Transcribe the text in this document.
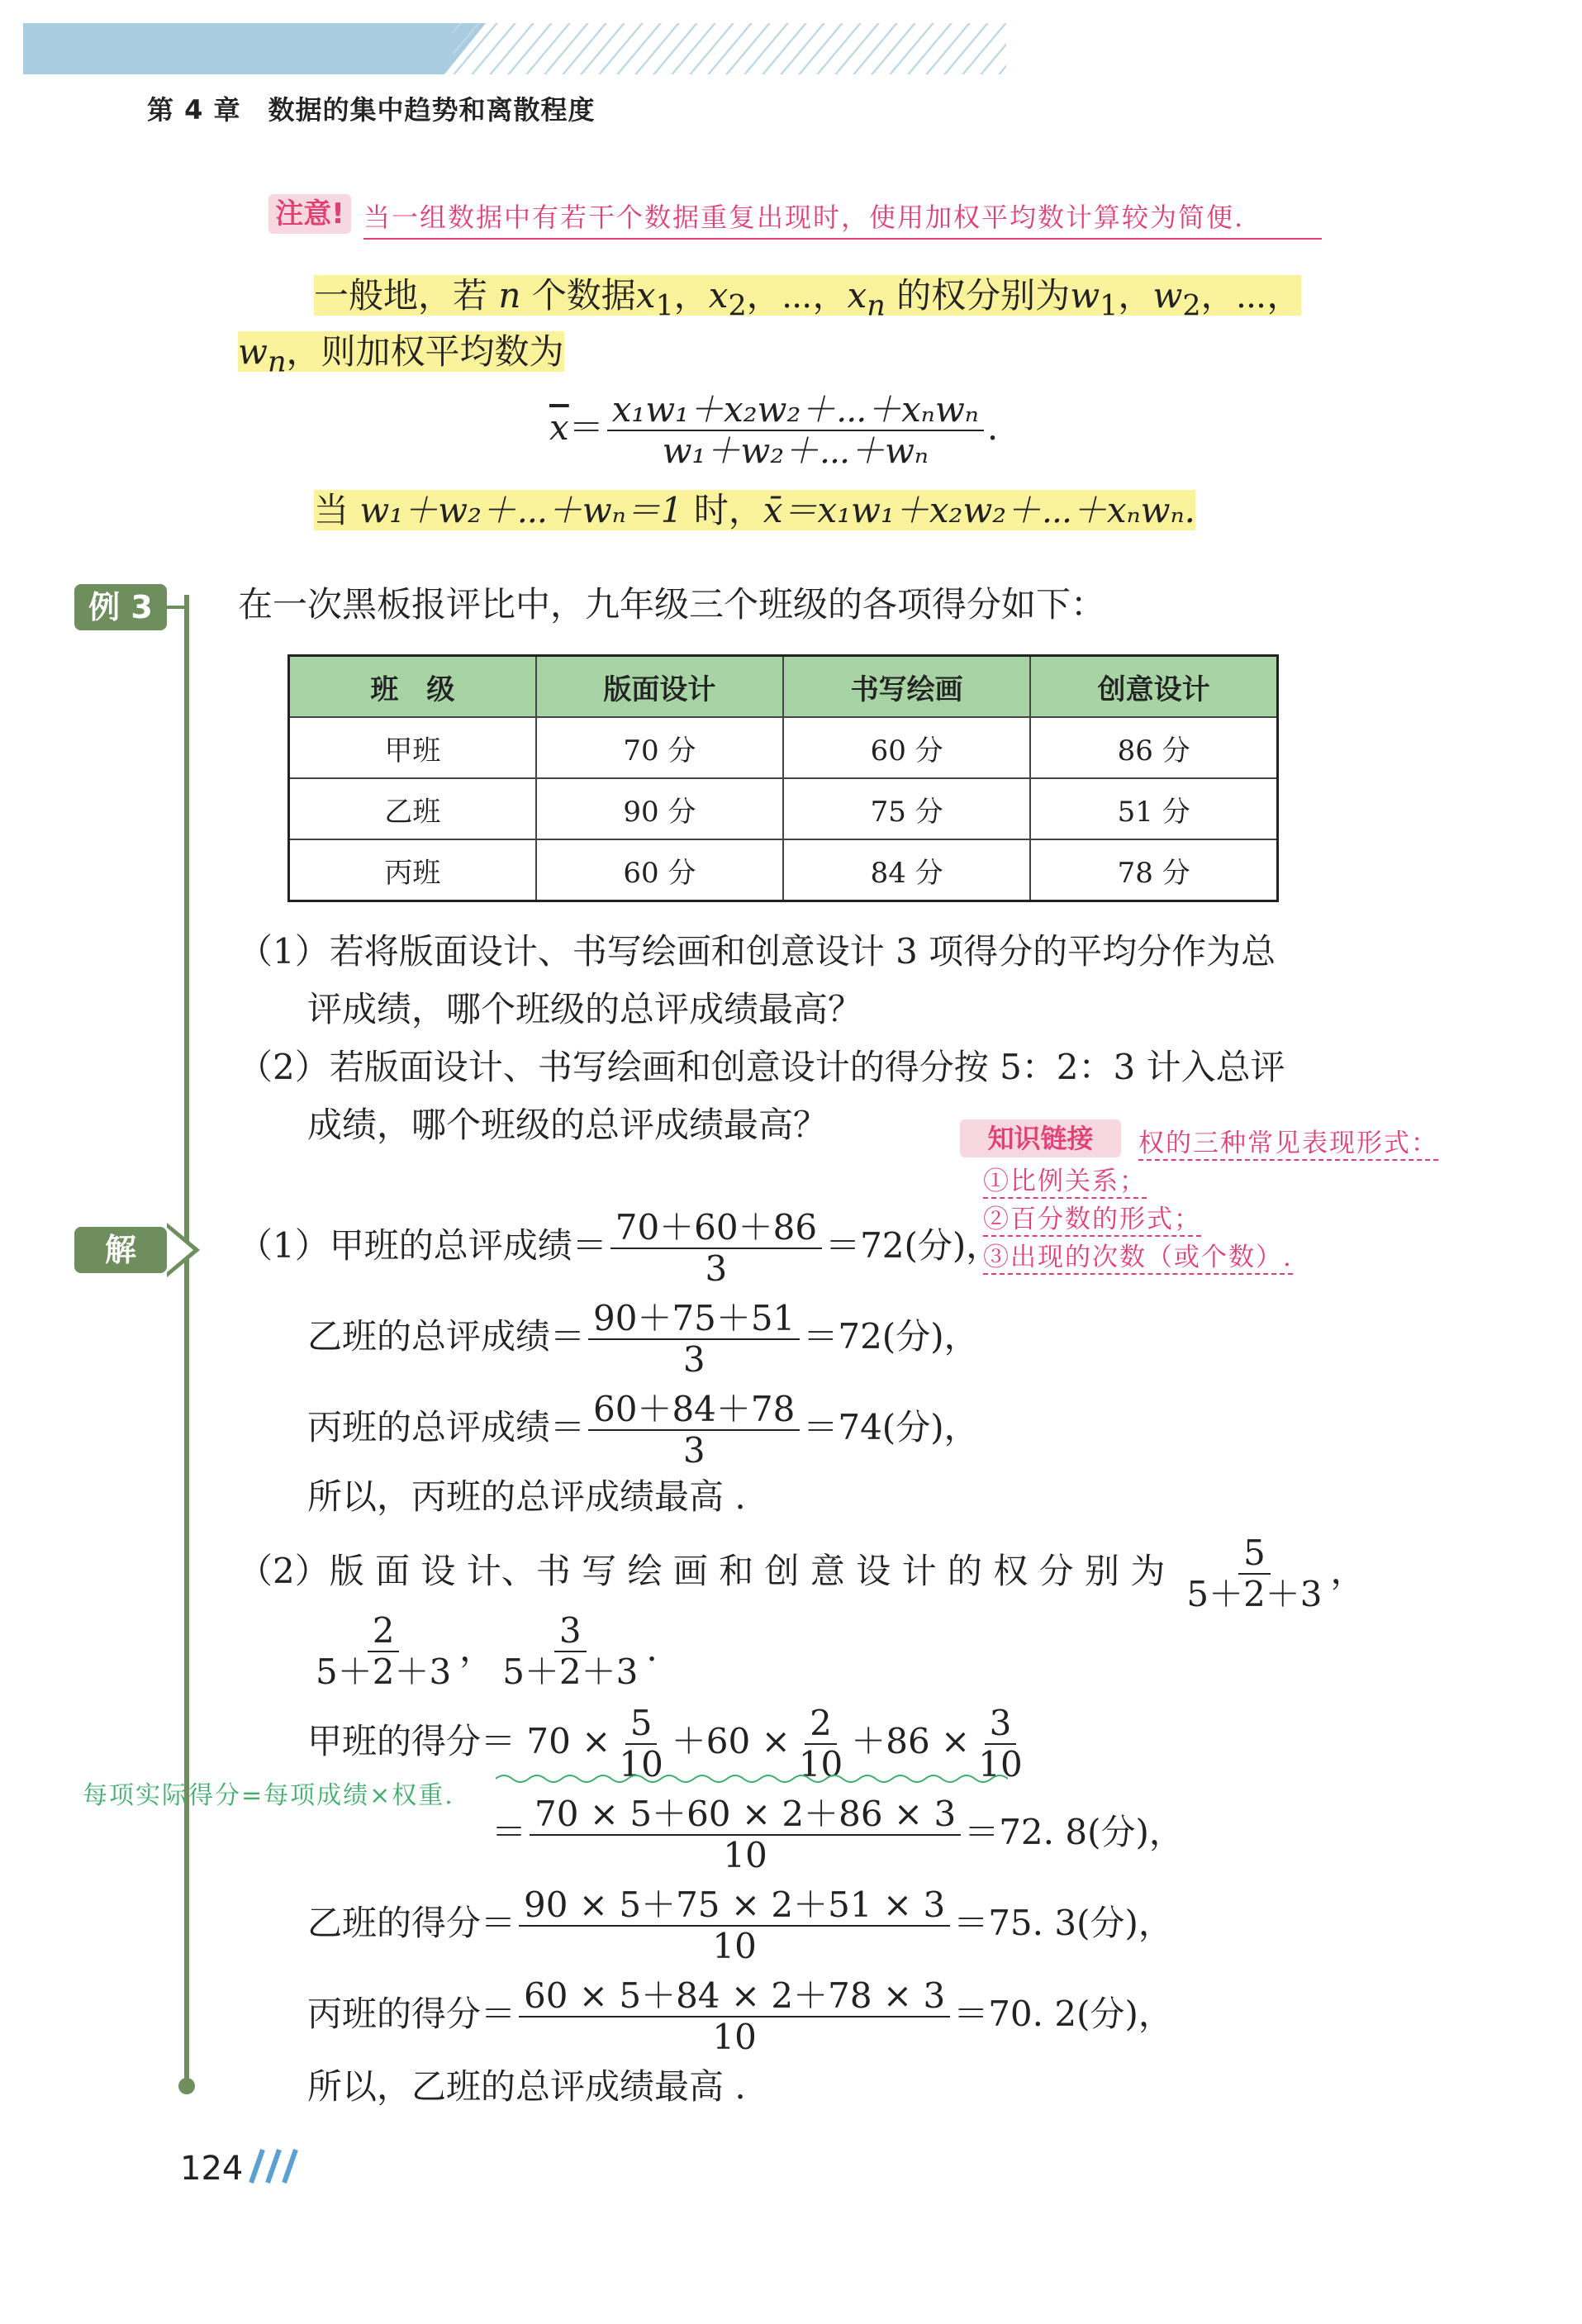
第 4 章　数据的集中趋势和离散程度
注意! 当一组数据中有若干个数据重复出现时，使用加权平均数计算较为简便.
一般地，若 n 个数据$x_1$，$x_2$，⋯，$x_n$ 的权分别为$w_1$，$w_2$，⋯，
$w_n$，则加权平均数为
$\overline{x}= \frac{\text{x₁w₁＋x₂w₂＋⋯＋xₙwₙ}}{\text{w₁＋w₂＋⋯＋wₙ}}$ .
当 w₁＋w₂＋⋯＋wₙ＝1 时，x̄＝x₁w₁＋x₂w₂＋⋯＋xₙwₙ.
例 3	在一次黑板报评比中，九年级三个班级的各项得分如下：
班　级	版面设计	书写绘画	创意设计
甲班	70 分	60 分	86 分
乙班	90 分	75 分	51 分
丙班	60 分	84 分	78 分
（1）若将版面设计、书写绘画和创意设计 3 项得分的平均分作为总
评成绩，哪个班级的总评成绩最高？
（2）若版面设计、书写绘画和创意设计的得分按 5：2：3 计入总评
成绩，哪个班级的总评成绩最高？	知识链接	权的三种常见表现形式：
①比例关系；
②百分数的形式；
③出现的次数（或个数）.
解	（1）甲班的总评成绩＝ $\frac{70+60+86}{3} =72$(分)，
乙班的总评成绩＝ $\frac{90+75+51}{3} =72$(分)，
丙班的总评成绩＝ $\frac{60+84+78}{3} =74$(分)，
所以，丙班的总评成绩最高 .
（2）版 面 设 计、书 写 绘 画 和 创 意 设 计 的 权 分 别 为 $\frac{5}{5+2+3}$ ，
$\frac{2}{5+2+3}$ ， $\frac{3}{5+2+3}$ .
甲班的得分＝ $70 \times \frac{5}{10} +60 \times \frac{2}{10} +86 \times \frac{3}{10}$
每项实际得分=每项成绩×权重.
＝ $\frac{70 \times 5+60 \times 2+86 \times 3}{10} =72$. 8(分)，
乙班的得分＝ $\frac{90 \times 5+75 \times 2+51 \times 3}{10} =75$. 3(分)，
丙班的得分＝ $\frac{60 \times 5+84 \times 2+78 \times 3}{10} =70$. 2(分)，
所以，乙班的总评成绩最高 .
124
